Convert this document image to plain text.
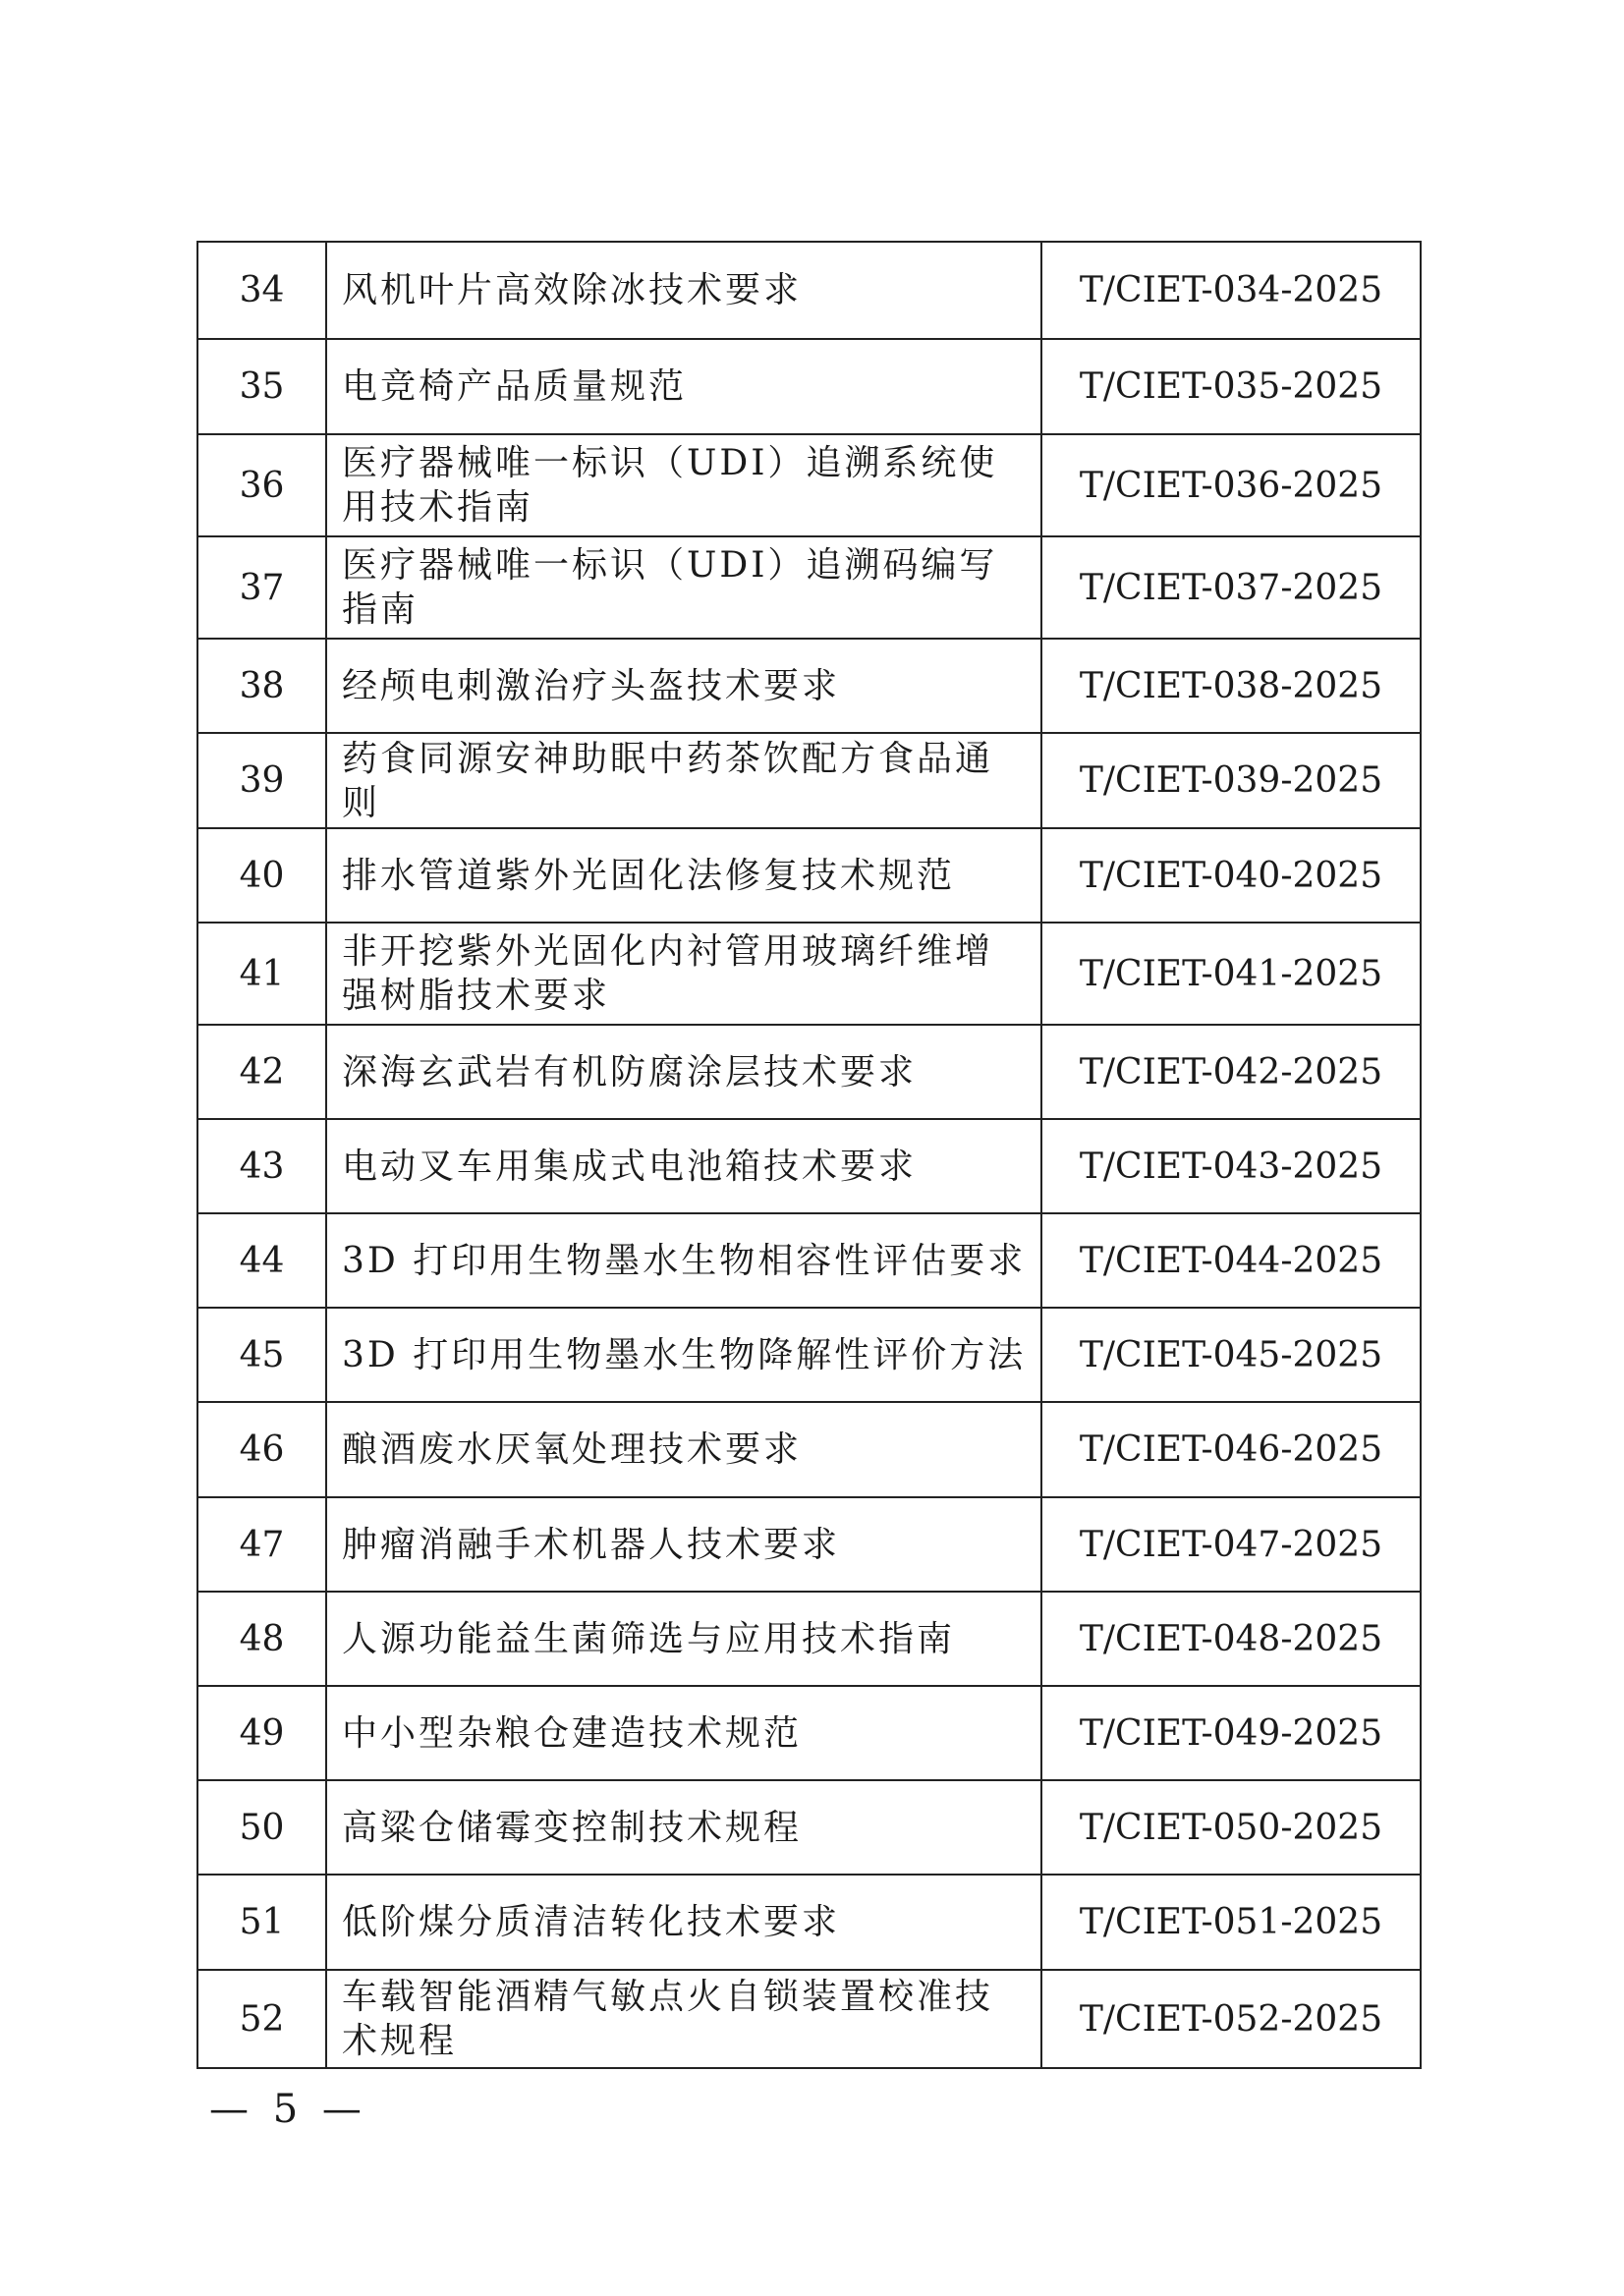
34	风机叶片高效除冰技术要求	T/CIET-034-2025
35	电竞椅产品质量规范	T/CIET-035-2025
36	医疗器械唯一标识（UDI）追溯系统使用技术指南	T/CIET-036-2025
37	医疗器械唯一标识（UDI）追溯码编写指南	T/CIET-037-2025
38	经颅电刺激治疗头盔技术要求	T/CIET-038-2025
39	药食同源安神助眠中药茶饮配方食品通则	T/CIET-039-2025
40	排水管道紫外光固化法修复技术规范	T/CIET-040-2025
41	非开挖紫外光固化内衬管用玻璃纤维增强树脂技术要求	T/CIET-041-2025
42	深海玄武岩有机防腐涂层技术要求	T/CIET-042-2025
43	电动叉车用集成式电池箱技术要求	T/CIET-043-2025
44	3D 打印用生物墨水生物相容性评估要求	T/CIET-044-2025
45	3D 打印用生物墨水生物降解性评价方法	T/CIET-045-2025
46	酿酒废水厌氧处理技术要求	T/CIET-046-2025
47	肿瘤消融手术机器人技术要求	T/CIET-047-2025
48	人源功能益生菌筛选与应用技术指南	T/CIET-048-2025
49	中小型杂粮仓建造技术规范	T/CIET-049-2025
50	高粱仓储霉变控制技术规程	T/CIET-050-2025
51	低阶煤分质清洁转化技术要求	T/CIET-051-2025
52	车载智能酒精气敏点火自锁装置校准技术规程	T/CIET-052-2025
— 5 —
